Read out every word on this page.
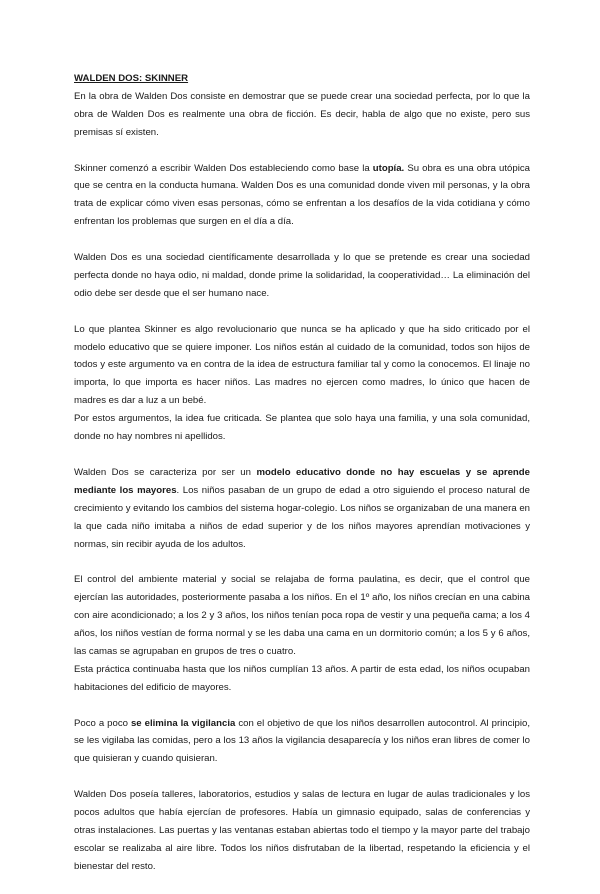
WALDEN DOS: SKINNER

En la obra de Walden Dos consiste en demostrar que se puede crear una sociedad perfecta, por lo que la obra de Walden Dos es realmente una obra de ficción. Es decir, habla de algo que no existe, pero sus premisas sí existen.

Skinner comenzó a escribir Walden Dos estableciendo como base la utopía. Su obra es una obra utópica que se centra en la conducta humana. Walden Dos es una comunidad donde viven mil personas, y la obra trata de explicar cómo viven esas personas, cómo se enfrentan a los desafíos de la vida cotidiana y cómo enfrentan los problemas que surgen en el día a día.

Walden Dos es una sociedad científicamente desarrollada y lo que se pretende es crear una sociedad perfecta donde no haya odio, ni maldad, donde prime la solidaridad, la cooperatividad… La eliminación del odio debe ser desde que el ser humano nace.

Lo que plantea Skinner es algo revolucionario que nunca se ha aplicado y que ha sido criticado por el modelo educativo que se quiere imponer. Los niños están al cuidado de la comunidad, todos son hijos de todos y este argumento va en contra de la idea de estructura familiar tal y como la conocemos. El linaje no importa, lo que importa es hacer niños. Las madres no ejercen como madres, lo único que hacen de madres es dar a luz a un bebé.

Por estos argumentos, la idea fue criticada. Se plantea que solo haya una familia, y una sola comunidad, donde no hay nombres ni apellidos.

Walden Dos se caracteriza por ser un modelo educativo donde no hay escuelas y se aprende mediante los mayores. Los niños pasaban de un grupo de edad a otro siguiendo el proceso natural de crecimiento y evitando los cambios del sistema hogar-colegio. Los niños se organizaban de una manera en la que cada niño imitaba a niños de edad superior y de los niños mayores aprendían motivaciones y normas, sin recibir ayuda de los adultos.

El control del ambiente material y social se relajaba de forma paulatina, es decir, que el control que ejercían las autoridades, posteriormente pasaba a los niños. En el 1º año, los niños crecían en una cabina con aire acondicionado; a los 2 y 3 años, los niños tenían poca ropa de vestir y una pequeña cama; a los 4 años, los niños vestían de forma normal y se les daba una cama en un dormitorio común; a los 5 y 6 años, las camas se agrupaban en grupos de tres o cuatro.

Esta práctica continuaba hasta que los niños cumplían 13 años. A partir de esta edad, los niños ocupaban habitaciones del edificio de mayores.

Poco a poco se elimina la vigilancia con el objetivo de que los niños desarrollen autocontrol. Al principio, se les vigilaba las comidas, pero a los 13 años la vigilancia desaparecía y los niños eran libres de comer lo que quisieran y cuando quisieran.

Walden Dos poseía talleres, laboratorios, estudios y salas de lectura en lugar de aulas tradicionales y los pocos adultos que había ejercían de profesores. Había un gimnasio equipado, salas de conferencias y otras instalaciones. Las puertas y las ventanas estaban abiertas todo el tiempo y la mayor parte del trabajo escolar se realizaba al aire libre. Todos los niños disfrutaban de la libertad, respetando la eficiencia y el bienestar del resto.
